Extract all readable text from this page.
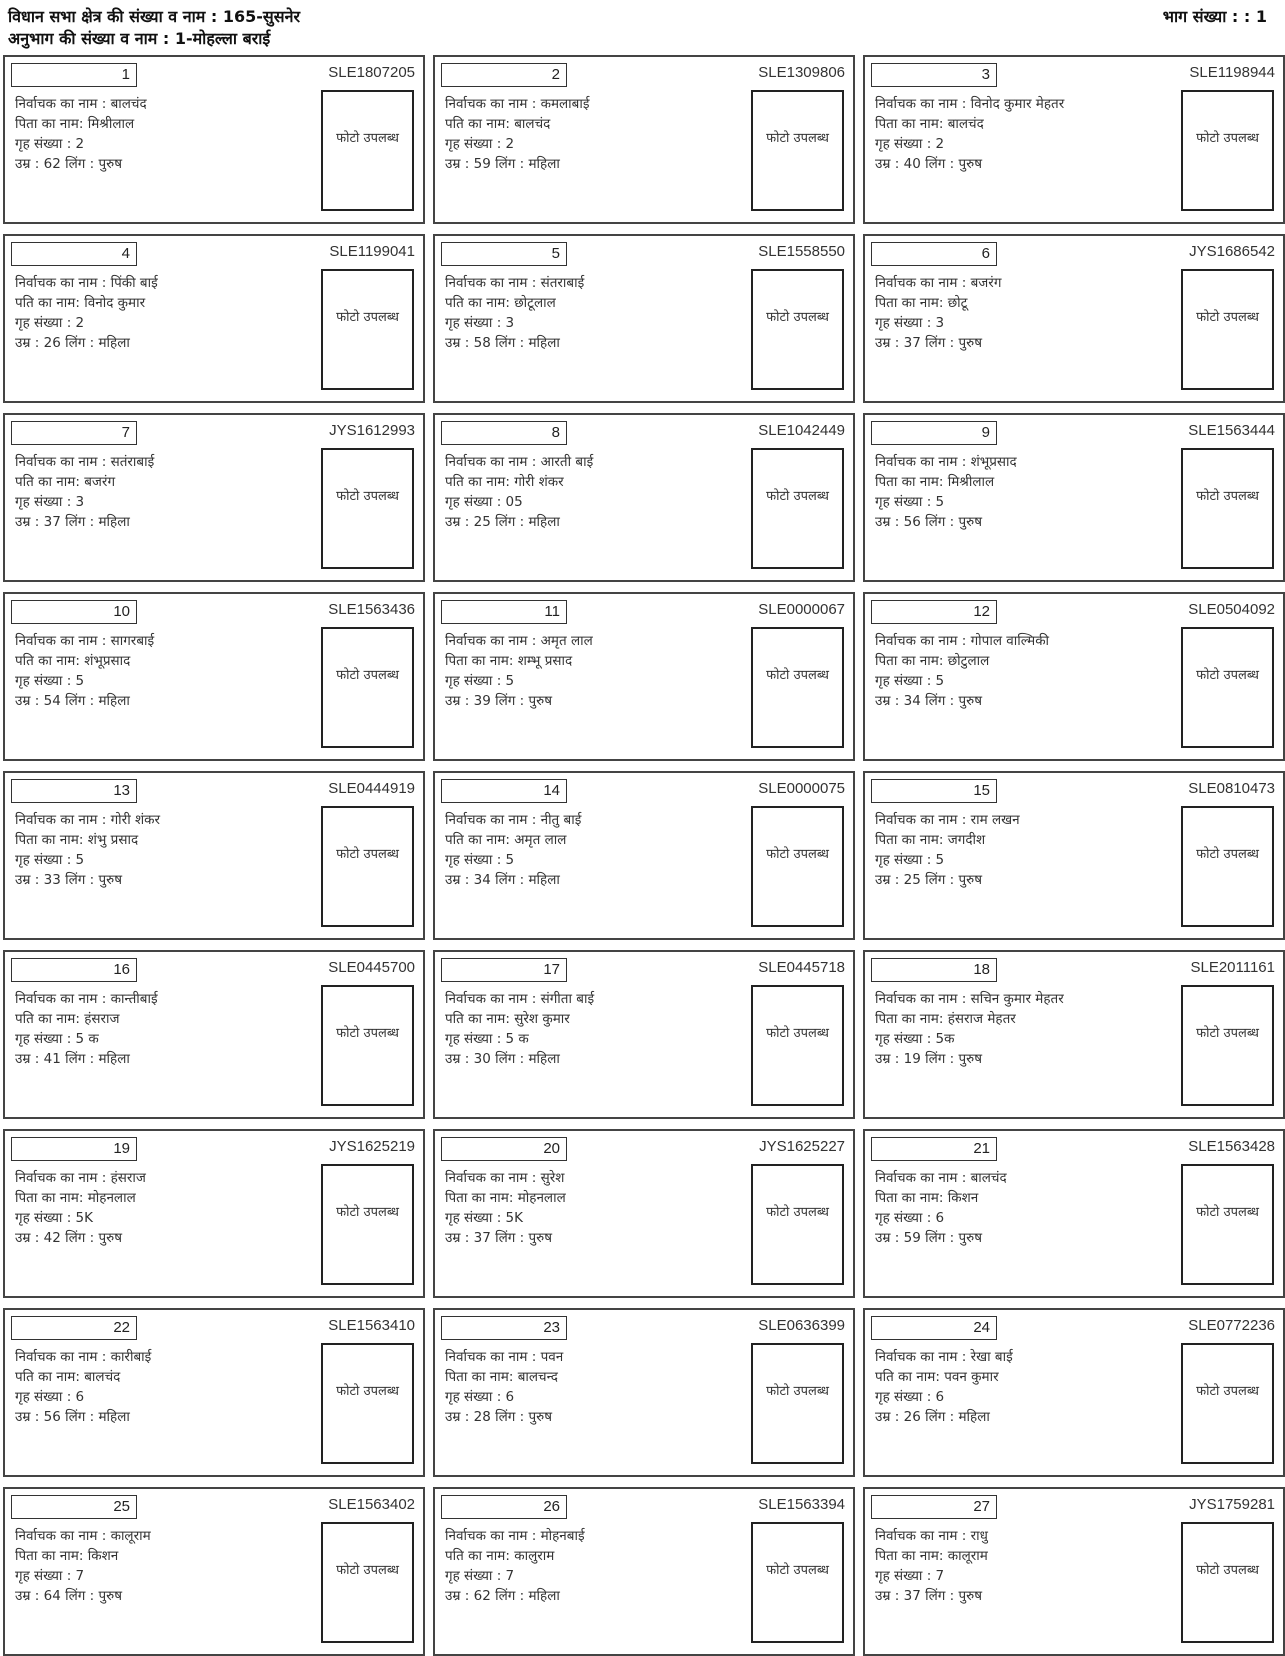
विधान सभा क्षेत्र की संख्या व नाम : 165-सुसनेर
अनुभाग की संख्या व नाम : 1-मोहल्ला बराई
भाग संख्या : : 1
1	SLE1807205
निर्वाचक का नाम : बालचंद
पिता का नाम: मिश्रीलाल
गृह संख्या : 2
उम्र : 62 लिंग : पुरुष
फोटो उपलब्ध
2	SLE1309806
निर्वाचक का नाम : कमलाबाई
पति का नाम: बालचंद
गृह संख्या : 2
उम्र : 59 लिंग : महिला
फोटो उपलब्ध
3	SLE1198944
निर्वाचक का नाम : विनोद कुमार मेहतर
पिता का नाम: बालचंद
गृह संख्या : 2
उम्र : 40 लिंग : पुरुष
फोटो उपलब्ध
4	SLE1199041
निर्वाचक का नाम : पिंकी बाई
पति का नाम: विनोद कुमार
गृह संख्या : 2
उम्र : 26 लिंग : महिला
फोटो उपलब्ध
5	SLE1558550
निर्वाचक का नाम : संतराबाई
पति का नाम: छोटूलाल
गृह संख्या : 3
उम्र : 58 लिंग : महिला
फोटो उपलब्ध
6	JYS1686542
निर्वाचक का नाम : बजरंग
पिता का नाम: छोटू
गृह संख्या : 3
उम्र : 37 लिंग : पुरुष
फोटो उपलब्ध
7	JYS1612993
निर्वाचक का नाम : सतंराबाई
पति का नाम: बजरंग
गृह संख्या : 3
उम्र : 37 लिंग : महिला
फोटो उपलब्ध
8	SLE1042449
निर्वाचक का नाम : आरती बाई
पति का नाम: गोरी शंकर
गृह संख्या : 05
उम्र : 25 लिंग : महिला
फोटो उपलब्ध
9	SLE1563444
निर्वाचक का नाम : शंभूप्रसाद
पिता का नाम: मिश्रीलाल
गृह संख्या : 5
उम्र : 56 लिंग : पुरुष
फोटो उपलब्ध
10	SLE1563436
निर्वाचक का नाम : सागरबाई
पति का नाम: शंभूप्रसाद
गृह संख्या : 5
उम्र : 54 लिंग : महिला
फोटो उपलब्ध
11	SLE0000067
निर्वाचक का नाम : अमृत लाल
पिता का नाम: शम्भू प्रसाद
गृह संख्या : 5
उम्र : 39 लिंग : पुरुष
फोटो उपलब्ध
12	SLE0504092
निर्वाचक का नाम : गोपाल वाल्मिकी
पिता का नाम: छोटुलाल
गृह संख्या : 5
उम्र : 34 लिंग : पुरुष
फोटो उपलब्ध
13	SLE0444919
निर्वाचक का नाम : गोरी शंकर
पिता का नाम: शंभु प्रसाद
गृह संख्या : 5
उम्र : 33 लिंग : पुरुष
फोटो उपलब्ध
14	SLE0000075
निर्वाचक का नाम : नीतु बाई
पति का नाम: अमृत लाल
गृह संख्या : 5
उम्र : 34 लिंग : महिला
फोटो उपलब्ध
15	SLE0810473
निर्वाचक का नाम : राम लखन
पिता का नाम: जगदीश
गृह संख्या : 5
उम्र : 25 लिंग : पुरुष
फोटो उपलब्ध
16	SLE0445700
निर्वाचक का नाम : कान्तीबाई
पति का नाम: हंसराज
गृह संख्या : 5 क
उम्र : 41 लिंग : महिला
फोटो उपलब्ध
17	SLE0445718
निर्वाचक का नाम : संगीता बाई
पति का नाम: सुरेश कुमार
गृह संख्या : 5 क
उम्र : 30 लिंग : महिला
फोटो उपलब्ध
18	SLE2011161
निर्वाचक का नाम : सचिन कुमार मेहतर
पिता का नाम: हंसराज मेहतर
गृह संख्या : 5क
उम्र : 19 लिंग : पुरुष
फोटो उपलब्ध
19	JYS1625219
निर्वाचक का नाम : हंसराज
पिता का नाम: मोहनलाल
गृह संख्या : 5K
उम्र : 42 लिंग : पुरुष
फोटो उपलब्ध
20	JYS1625227
निर्वाचक का नाम : सुरेश
पिता का नाम: मोहनलाल
गृह संख्या : 5K
उम्र : 37 लिंग : पुरुष
फोटो उपलब्ध
21	SLE1563428
निर्वाचक का नाम : बालचंद
पिता का नाम: किशन
गृह संख्या : 6
उम्र : 59 लिंग : पुरुष
फोटो उपलब्ध
22	SLE1563410
निर्वाचक का नाम : कारीबाई
पति का नाम: बालचंद
गृह संख्या : 6
उम्र : 56 लिंग : महिला
फोटो उपलब्ध
23	SLE0636399
निर्वाचक का नाम : पवन
पिता का नाम: बालचन्द
गृह संख्या : 6
उम्र : 28 लिंग : पुरुष
फोटो उपलब्ध
24	SLE0772236
निर्वाचक का नाम : रेखा बाई
पति का नाम: पवन कुमार
गृह संख्या : 6
उम्र : 26 लिंग : महिला
फोटो उपलब्ध
25	SLE1563402
निर्वाचक का नाम : कालूराम
पिता का नाम: किशन
गृह संख्या : 7
उम्र : 64 लिंग : पुरुष
फोटो उपलब्ध
26	SLE1563394
निर्वाचक का नाम : मोहनबाई
पति का नाम: कालुराम
गृह संख्या : 7
उम्र : 62 लिंग : महिला
फोटो उपलब्ध
27	JYS1759281
निर्वाचक का नाम : राधु
पिता का नाम: कालूराम
गृह संख्या : 7
उम्र : 37 लिंग : पुरुष
फोटो उपलब्ध
